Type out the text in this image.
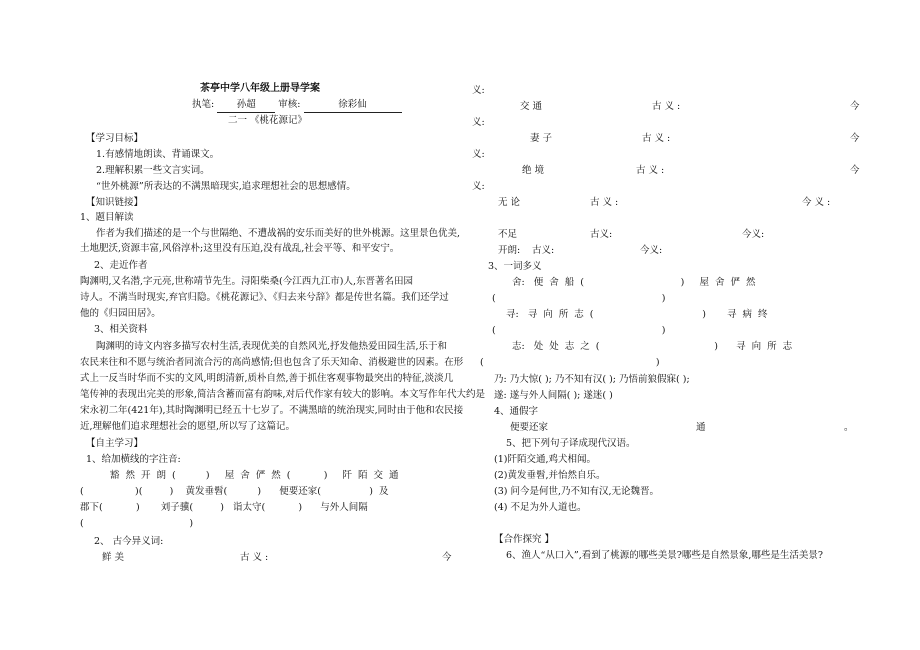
茶亭中学八年级上册导学案
执笔: 孙超 审核:	徐彩仙
二一 《桃花源记》
【学习目标】
1.有感情地朗读、背诵课文。
2.理解积累一些文言实词。
“世外桃源”所表达的不满黑暗现实,追求理想社会的思想感情。
【知识链接】
1、题目解读
作者为我们描述的是一个与世隔绝、不遭战祸的安乐而美好的世外桃源。这里景色优美,
土地肥沃,资源丰富,风俗淳朴;这里没有压迫,没有战乱,社会平等、和平安宁。
2、走近作者
陶渊明,又名潜,字元亮,世称靖节先生。浔阳柴桑(今江西九江市)人,东晋著名田园
诗人。不满当时现实,弃官归隐。《桃花源记》、《归去来兮辞》都是传世名篇。我们还学过
他的《归园田居》。
3、相关资料
陶渊明的诗文内容多描写农村生活,表现优美的自然风光,抒发他热爱田园生活,乐于和
农民来往和不愿与统治者同流合污的高尚感情;但也包含了乐天知命、消极避世的因素。在形
式上一反当时华而不实的文风,明朗清新,质朴自然,善于抓住客观事物最突出的特征,淡淡几
笔传神的表现出完美的形象,简洁含蓄而富有韵味,对后代作家有较大的影响。本文写作年代大约是
宋永初二年(421年),其时陶渊明已经五十七岁了。不满黑暗的统治现实,同时由于他和农民接
近,理解他们追求理想社会的愿望,所以写了这篇记。
【自主学习】
1、给加横线的字注音:
豁然开朗(          ) 屋舍俨然(           ) 阡陌交通
(                 )(         )    黄发垂髫(          )      便要还家(                )  及
郡下(           )       刘子骥(         )   诣太守(           )      与外人间隔
(                                   )
2、 古今异义词:
鲜 美	古 义 :	今
义:
交 通	古 义 :	今
义:
妻 子	古 义 :	今
义:
绝 境	古 义 :	今
义:
无 论	古 义 :	今 义 :
不足	古义:	今义:
开朗: 古义:	今义:
3、一词多义
舍: 便舍船(                                )     屋舍俨然
(                                                       )
寻: 寻向所志(                                    )       寻病终
(                                                       )
志: 处处志之(                                      )      寻向所志
(                                                         )
乃: 乃大惊( ); 乃不知有汉( ); 乃悟前狼假寐( );
遂: 遂与外人间隔( ); 遂迷( )
4、通假字
便要还家	通	。
5、把下列句子译成现代汉语。
(1)阡陌交通,鸡犬相闻。
(2)黄发垂髫,并怡然自乐。
(3) 问今是何世,乃不知有汉,无论魏晋。
(4) 不足为外人道也。
【合作探究 】
6、渔人“从口入”,看到了桃源的哪些美景?哪些是自然景象,哪些是生活美景?
